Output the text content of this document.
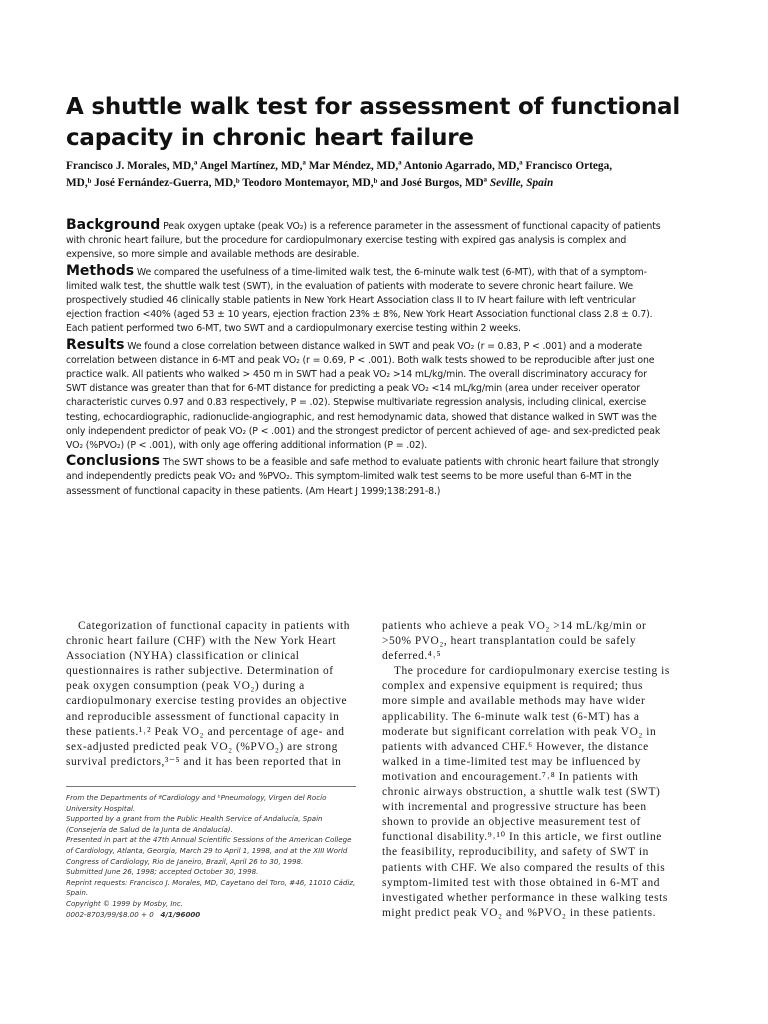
A shuttle walk test for assessment of functional capacity in chronic heart failure
Francisco J. Morales, MD,ª Angel Martínez, MD,ª Mar Méndez, MD,ª Antonio Agarrado, MD,ª Francisco Ortega,
MD,ᵇ José Fernández-Guerra, MD,ᵇ Teodoro Montemayor, MD,ᵇ and José Burgos, MDª Seville, Spain

Background Peak oxygen uptake (peak VO₂) is a reference parameter in the assessment of functional capacity of patients with chronic heart failure, but the procedure for cardiopulmonary exercise testing with expired gas analysis is complex and expensive, so more simple and available methods are desirable.

Methods We compared the usefulness of a time-limited walk test, the 6-minute walk test (6-MT), with that of a symptom-limited walk test, the shuttle walk test (SWT), in the evaluation of patients with moderate to severe chronic heart failure. We prospectively studied 46 clinically stable patients in New York Heart Association class II to IV heart failure with left ventricular ejection fraction <40% (aged 53 ± 10 years, ejection fraction 23% ± 8%, New York Heart Association functional class 2.8 ± 0.7). Each patient performed two 6-MT, two SWT and a cardiopulmonary exercise testing within 2 weeks.

Results We found a close correlation between distance walked in SWT and peak VO₂ (r = 0.83, P < .001) and a moderate correlation between distance in 6-MT and peak VO₂ (r = 0.69, P < .001). Both walk tests showed to be reproducible after just one practice walk. All patients who walked > 450 m in SWT had a peak VO₂ >14 mL/kg/min. The overall discriminatory accuracy for SWT distance was greater than that for 6-MT distance for predicting a peak VO₂ <14 mL/kg/min (area under receiver operator characteristic curves 0.97 and 0.83 respectively, P = .02). Stepwise multivariate regression analysis, including clinical, exercise testing, echocardiographic, radionuclide-angiographic, and rest hemodynamic data, showed that distance walked in SWT was the only independent predictor of peak VO₂ (P < .001) and the strongest predictor of percent achieved of age- and sex-predicted peak VO₂ (%PVO₂) (P < .001), with only age offering additional information (P = .02).

Conclusions The SWT shows to be a feasible and safe method to evaluate patients with chronic heart failure that strongly and independently predicts peak VO₂ and %PVO₂. This symptom-limited walk test seems to be more useful than 6-MT in the assessment of functional capacity in these patients. (Am Heart J 1999;138:291-8.)

Categorization of functional capacity in patients with chronic heart failure (CHF) with the New York Heart Association (NYHA) classification or clinical questionnaires is rather subjective. Determination of peak oxygen consumption (peak VO₂) during a cardiopulmonary exercise testing provides an objective and reproducible assessment of functional capacity in these patients.¹˒² Peak VO₂ and percentage of age- and sex-adjusted predicted peak VO₂ (%PVO₂) are strong survival predictors,³⁻⁵ and it has been reported that in

From the Departments of ªCardiology and ᵇPneumology, Virgen del Rocío University Hospital.

Supported by a grant from the Public Health Service of Andalucía, Spain (Consejería de Salud de la Junta de Andalucía).

Presented in part at the 47th Annual Scientific Sessions of the American College of Cardiology, Atlanta, Georgia, March 29 to April 1, 1998, and at the XIII World Congress of Cardiology, Rio de Janeiro, Brazil, April 26 to 30, 1998.

Submitted June 26, 1998; accepted October 30, 1998.

Reprint requests: Francisco J. Morales, MD, Cayetano del Toro, #46, 11010 Cádiz, Spain.

Copyright © 1999 by Mosby, Inc.

0002-8703/99/$8.00 + 0 4/1/96000

patients who achieve a peak VO₂ >14 mL/kg/min or >50% PVO₂, heart transplantation could be safely deferred.⁴˒⁵

The procedure for cardiopulmonary exercise testing is complex and expensive equipment is required; thus more simple and available methods may have wider applicability. The 6-minute walk test (6-MT) has a moderate but significant correlation with peak VO₂ in patients with advanced CHF.⁶ However, the distance walked in a time-limited test may be influenced by motivation and encouragement.⁷˒⁸ In patients with chronic airways obstruction, a shuttle walk test (SWT) with incremental and progressive structure has been shown to provide an objective measurement test of functional disability.⁹˒¹⁰ In this article, we first outline the feasibility, reproducibility, and safety of SWT in patients with CHF. We also compared the results of this symptom-limited test with those obtained in 6-MT and investigated whether performance in these walking tests might predict peak VO₂ and %PVO₂ in these patients.
